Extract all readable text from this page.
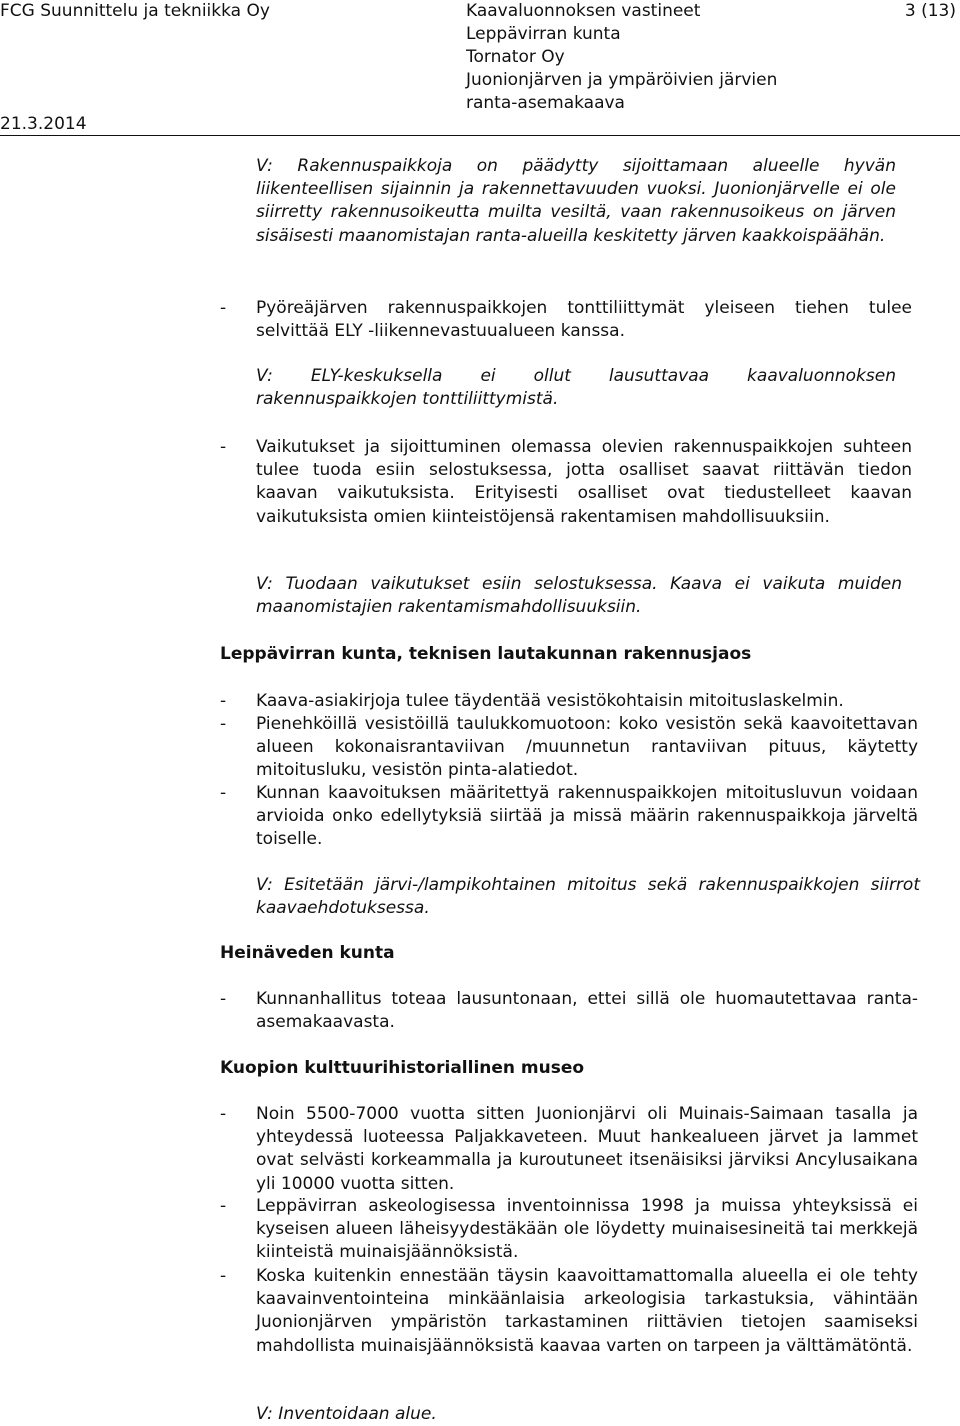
FCG Suunnittelu ja tekniikka Oy	Kaavaluonnoksen vastineet
Leppävirran kunta
Tornator Oy
Juonionjärven ja ympäröivien järvien
ranta-asemakaava
3 (13)
21.3.2014

V: Rakennuspaikkoja on päädytty sijoittamaan alueelle hyvän liikenteellisen sijainnin ja rakennettavuuden vuoksi. Juonionjärvelle ei ole siirretty rakennusoikeutta muilta vesiltä, vaan rakennusoikeus on järven sisäisesti maanomistajan ranta-alueilla keskitetty järven kaakkoispäähän.

- Pyöreäjärven rakennuspaikkojen tonttiliittymät yleiseen tiehen tulee selvittää ELY -liikennevastuualueen kanssa.

V: ELY-keskuksella ei ollut lausuttavaa kaavaluonnoksen rakennuspaikkojen tonttiliittymistä.

- Vaikutukset ja sijoittuminen olemassa olevien rakennuspaikkojen suhteen tulee tuoda esiin selostuksessa, jotta osalliset saavat riittävän tiedon kaavan vaikutuksista. Erityisesti osalliset ovat tiedustelleet kaavan vaikutuksista omien kiinteistöjensä rakentamisen mahdollisuuksiin.

V: Tuodaan vaikutukset esiin selostuksessa. Kaava ei vaikuta muiden maanomistajien rakentamismahdollisuuksiin.

Leppävirran kunta, teknisen lautakunnan rakennusjaos

- Kaava-asiakirjoja tulee täydentää vesistökohtaisin mitoituslaskelmin.

- Pienehköillä vesistöillä taulukkomuotoon: koko vesistön sekä kaavoitettavan alueen kokonaisrantaviivan /muunnetun rantaviivan pituus, käytetty mitoitusluku, vesistön pinta-alatiedot.

- Kunnan kaavoituksen määritettyä rakennuspaikkojen mitoitusluvun voidaan arvioida onko edellytyksiä siirtää ja missä määrin rakennuspaikkoja järveltä toiselle.

V: Esitetään järvi-/lampikohtainen mitoitus sekä rakennuspaikkojen siirrot kaavaehdotuksessa.

Heinäveden kunta

- Kunnanhallitus toteaa lausuntonaan, ettei sillä ole huomautettavaa ranta-asemakaavasta.

Kuopion kulttuurihistoriallinen museo

- Noin 5500-7000 vuotta sitten Juonionjärvi oli Muinais-Saimaan tasalla ja yhteydessä luoteessa Paljakkaveteen. Muut hankealueen järvet ja lammet ovat selvästi korkeammalla ja kuroutuneet itsenäisiksi järviksi Ancylusaikana yli 10000 vuotta sitten.

- Leppävirran askeologisessa inventoinnissa 1998 ja muissa yhteyksissä ei kyseisen alueen läheisyydestäkään ole löydetty muinaisesineitä tai merkkejä kiinteistä muinaisjäännöksistä.

- Koska kuitenkin ennestään täysin kaavoittamattomalla alueella ei ole tehty kaavainventointeina minkäänlaisia arkeologisia tarkastuksia, vähintään Juonionjärven ympäristön tarkastaminen riittävien tietojen saamiseksi mahdollista muinaisjäännöksistä kaavaa varten on tarpeen ja välttämätöntä.

V: Inventoidaan alue.
